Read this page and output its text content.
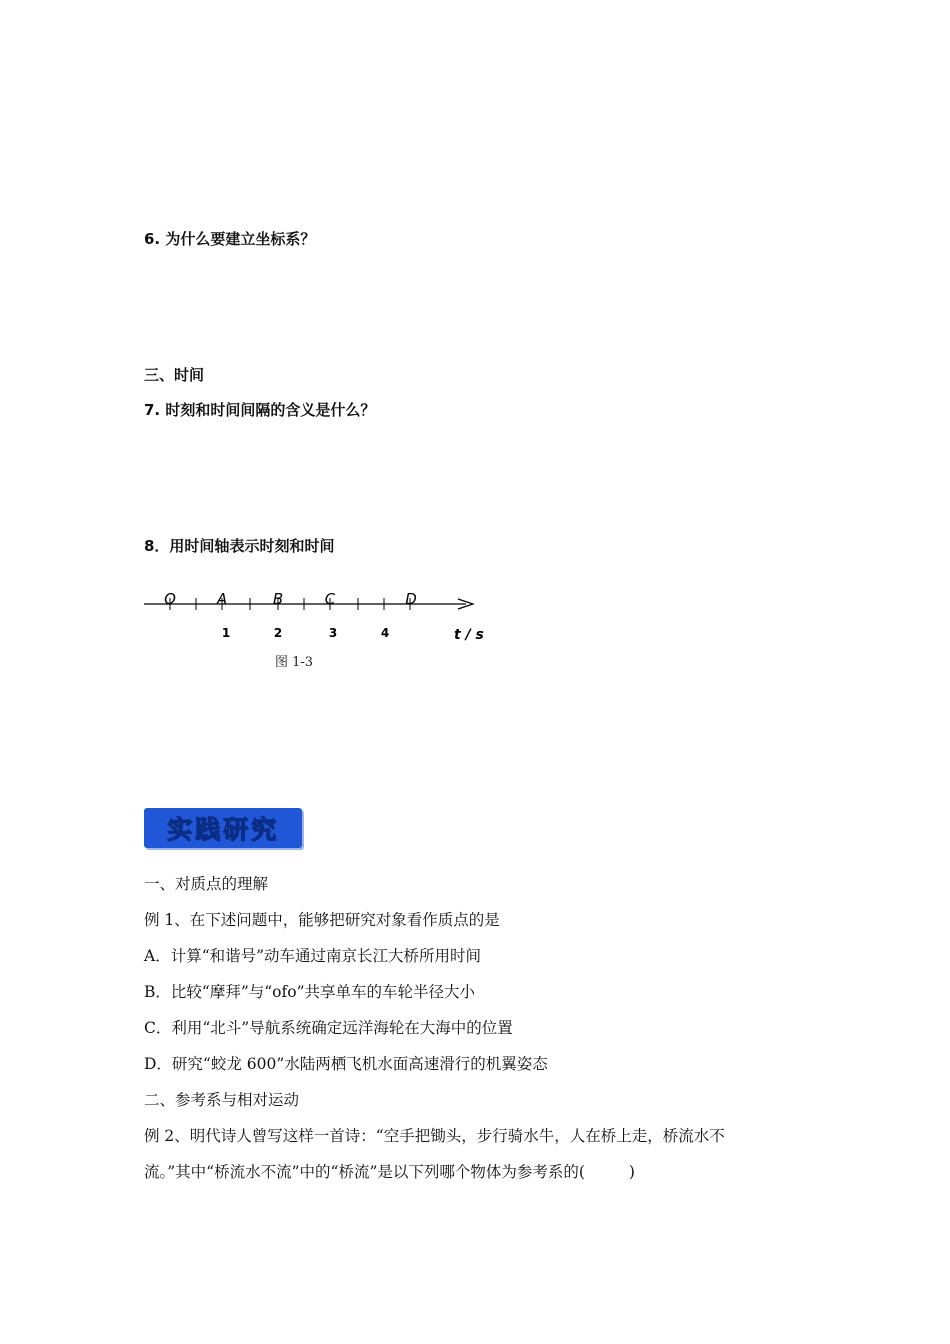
6. 为什么要建立坐标系？
三、时间
7. 时刻和时间间隔的含义是什么？
8．用时间轴表示时刻和时间
O	A	B	C	D
1	2	3	4	t / s
图 1-3
实践研究
一、对质点的理解
例 1、在下述问题中，能够把研究对象看作质点的是
A．计算“和谐号”动车通过南京长江大桥所用时间
B．比较“摩拜”与“ofo”共享单车的车轮半径大小
C．利用“北斗”导航系统确定远洋海轮在大海中的位置
D．研究“蛟龙 600”水陆两栖飞机水面高速滑行的机翼姿态
二、参考系与相对运动
例 2、明代诗人曾写这样一首诗：“空手把锄头，步行骑水牛，人在桥上走，桥流水不
流。”其中“桥流水不流”中的“桥流”是以下列哪个物体为参考系的(	)
